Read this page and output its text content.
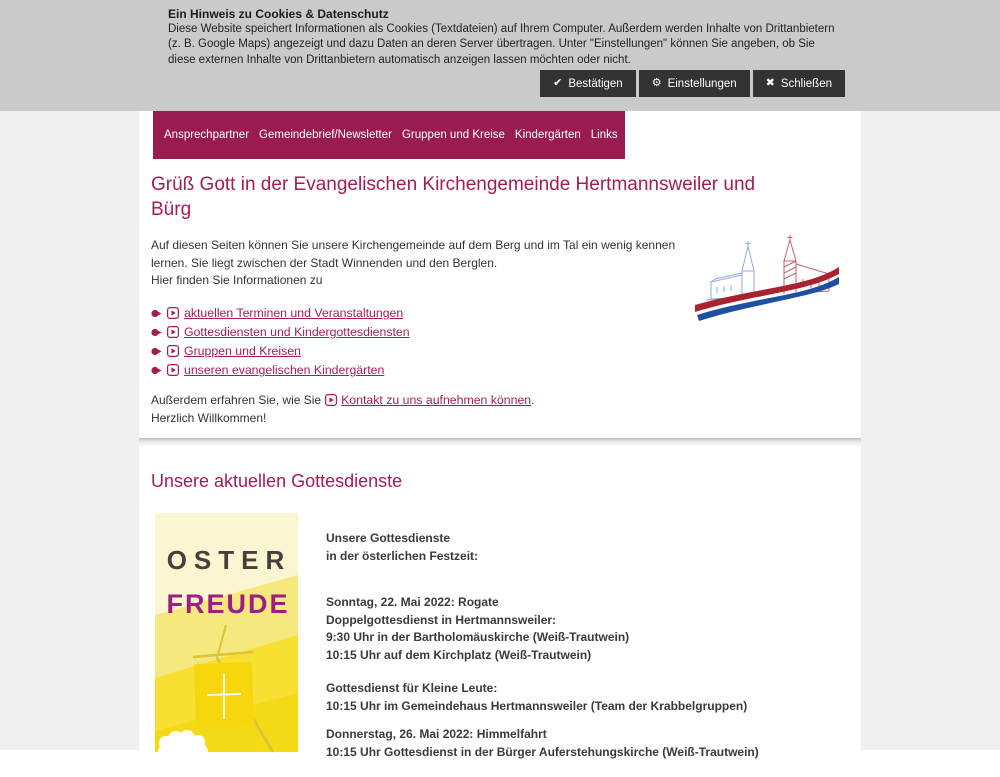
Ein Hinweis zu Cookies & Datenschutz
Diese Website speichert Informationen als Cookies (Textdateien) auf Ihrem Computer. Außerdem werden Inhalte von Drittanbietern (z. B. Google Maps) angezeigt und dazu Daten an deren Server übertragen. Unter "Einstellungen" können Sie angeben, ob Sie diese externen Inhalte von Drittanbietern automatisch anzeigen lassen möchten oder nicht.
✔ Bestätigen	⚙ Einstellungen	✖ Schließen
Ansprechpartner Gemeindebrief/Newsletter Gruppen und Kreise Kindergärten Links
Grüß Gott in der Evangelischen Kirchengemeinde Hertmannsweiler und Bürg

Auf diesen Seiten können Sie unsere Kirchengemeinde auf dem Berg und im Tal ein wenig kennen lernen. Sie liegt zwischen der Stadt Winnenden und den Berglen.

Hier finden Sie Informationen zu

aktuellen Terminen und Veranstaltungen
Gottesdiensten und Kindergottesdiensten
Gruppen und Kreisen
unseren evangelischen Kindergärten

Außerdem erfahren Sie, wie Sie Kontakt zu uns aufnehmen können .

Herzlich Willkommen!

Unsere aktuellen Gottesdienste
OSTER
FREUDE
Unsere Gottesdienste
in der österlichen Festzeit:
Sonntag, 22. Mai 2022: Rogate
Doppelgottesdienst in Hertmannsweiler:
9:30 Uhr in der Bartholomäuskirche (Weiß-Trautwein)
10:15 Uhr auf dem Kirchplatz (Weiß-Trautwein)
Gottesdienst für Kleine Leute:
10:15 Uhr im Gemeindehaus Hertmannsweiler (Team der Krabbelgruppen)
Donnerstag, 26. Mai 2022: Himmelfahrt
10:15 Uhr Gottesdienst in der Bürger Auferstehungskirche (Weiß-Trautwein)
